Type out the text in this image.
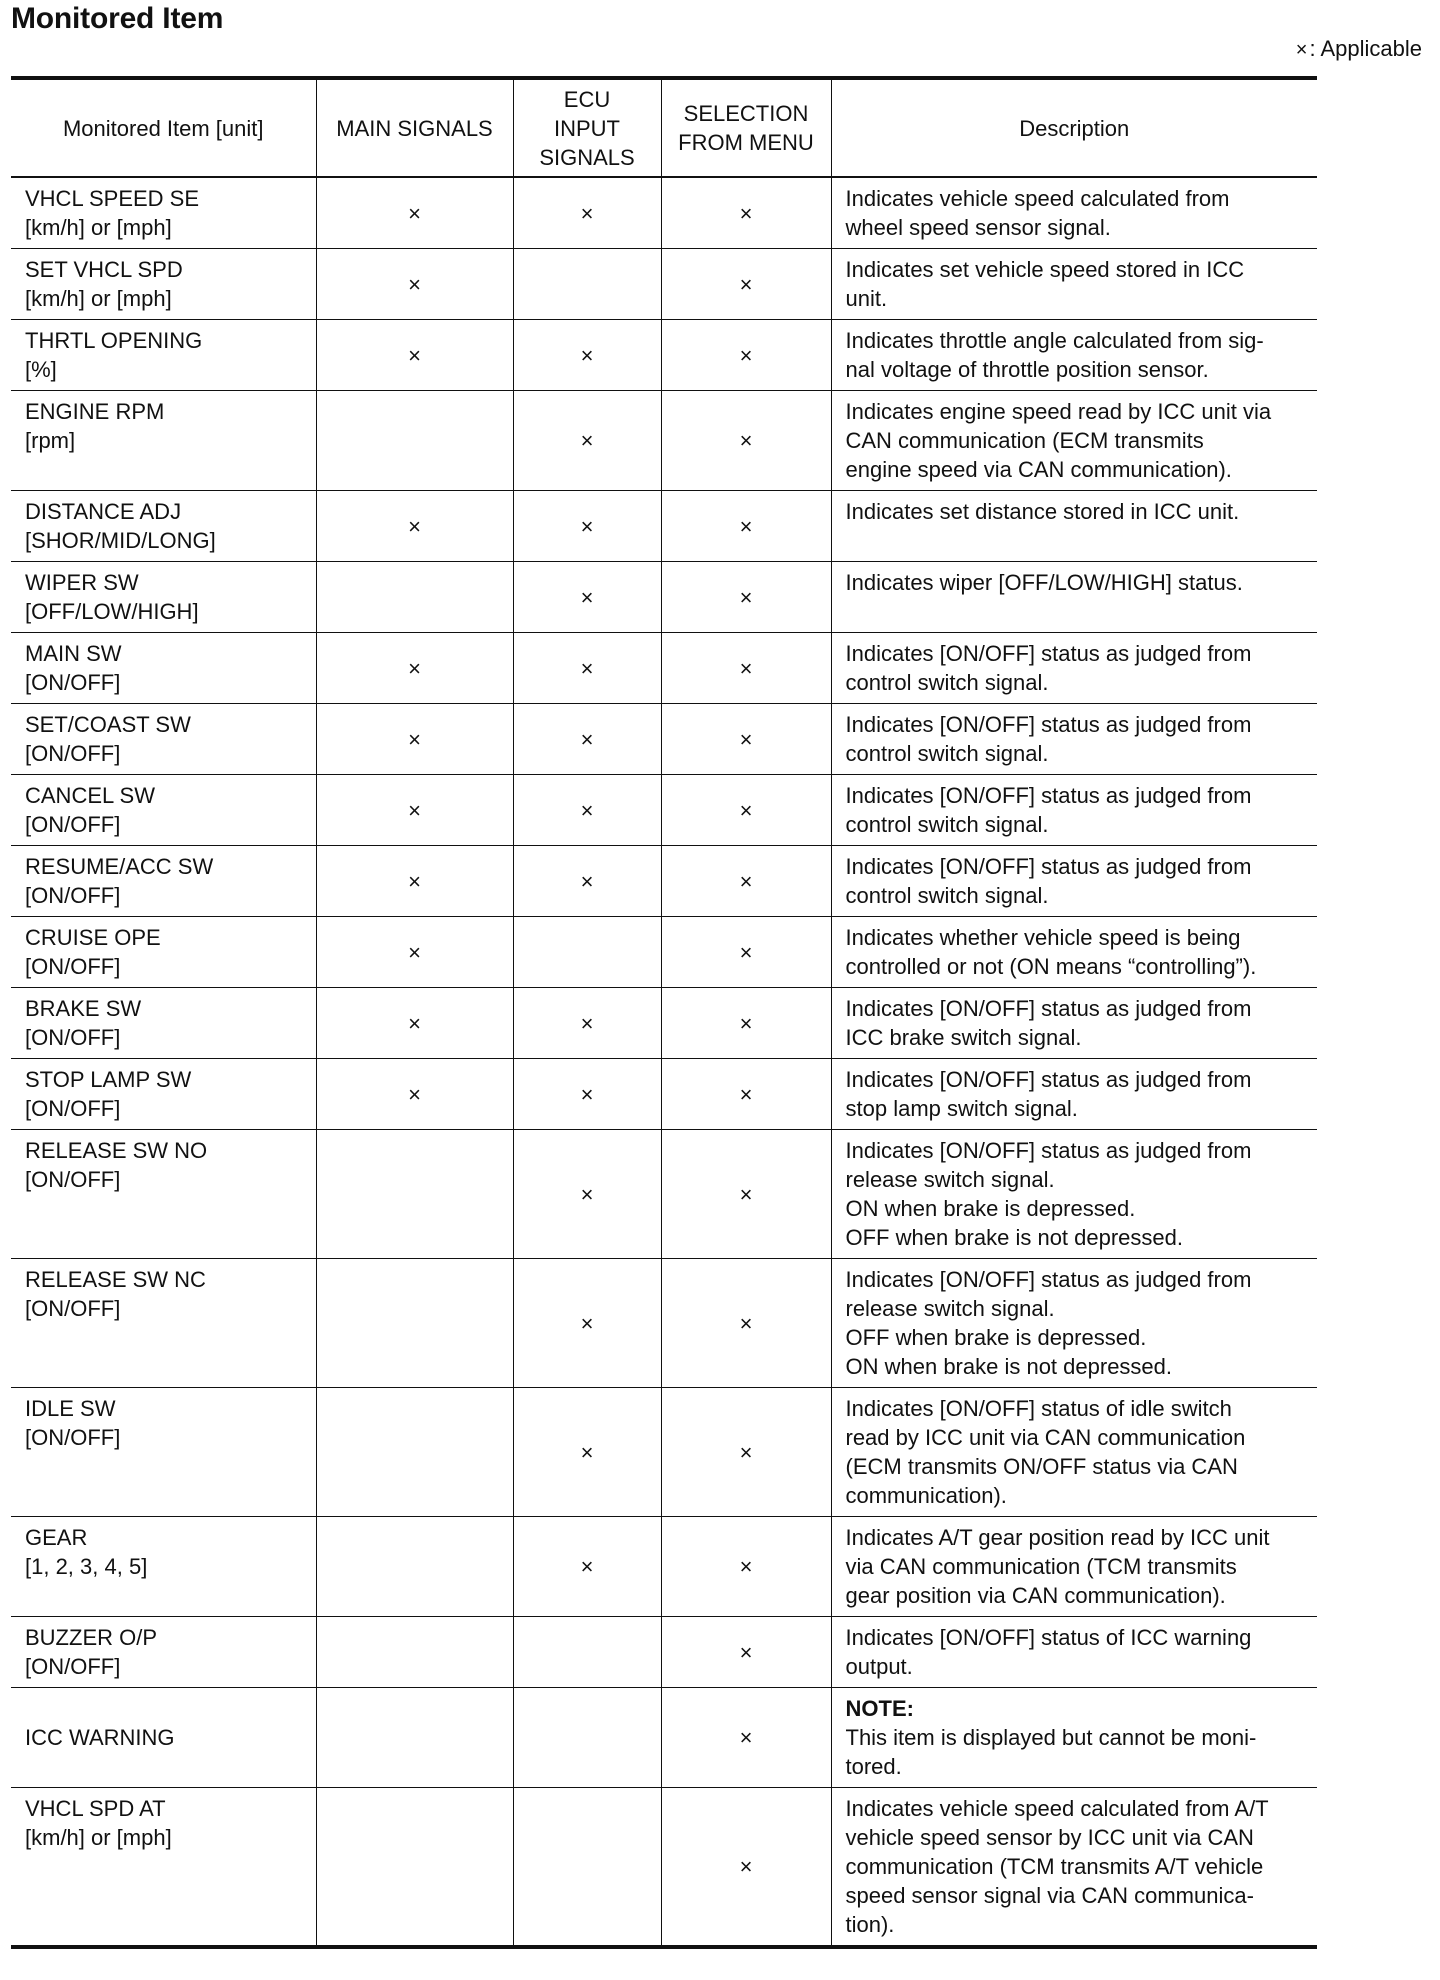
Monitored Item
×: Applicable
Monitored Item [unit]	MAIN SIGNALS	ECU
INPUT
SIGNALS	SELECTION
FROM MENU	Description

VHCL SPEED SE
[km/h] or [mph]	×	×	×	Indicates vehicle speed calculated from
wheel speed sensor signal.

SET VHCL SPD
[km/h] or [mph]	×		×	Indicates set vehicle speed stored in ICC
unit.

THRTL OPENING
[%]	×	×	×	Indicates throttle angle calculated from sig-
nal voltage of throttle position sensor.

ENGINE RPM
[rpm]		×	×	Indicates engine speed read by ICC unit via
CAN communication (ECM transmits
engine speed via CAN communication).

DISTANCE ADJ
[SHOR/MID/LONG]	×	×	×	Indicates set distance stored in ICC unit.

WIPER SW
[OFF/LOW/HIGH]		×	×	Indicates wiper [OFF/LOW/HIGH] status.

MAIN SW
[ON/OFF]	×	×	×	Indicates [ON/OFF] status as judged from
control switch signal.

SET/COAST SW
[ON/OFF]	×	×	×	Indicates [ON/OFF] status as judged from
control switch signal.

CANCEL SW
[ON/OFF]	×	×	×	Indicates [ON/OFF] status as judged from
control switch signal.

RESUME/ACC SW
[ON/OFF]	×	×	×	Indicates [ON/OFF] status as judged from
control switch signal.

CRUISE OPE
[ON/OFF]	×		×	Indicates whether vehicle speed is being
controlled or not (ON means “controlling”).

BRAKE SW
[ON/OFF]	×	×	×	Indicates [ON/OFF] status as judged from
ICC brake switch signal.

STOP LAMP SW
[ON/OFF]	×	×	×	Indicates [ON/OFF] status as judged from
stop lamp switch signal.

RELEASE SW NO
[ON/OFF]		×	×	Indicates [ON/OFF] status as judged from
release switch signal.
ON when brake is depressed.
OFF when brake is not depressed.

RELEASE SW NC
[ON/OFF]		×	×	Indicates [ON/OFF] status as judged from
release switch signal.
OFF when brake is depressed.
ON when brake is not depressed.

IDLE SW
[ON/OFF]		×	×	Indicates [ON/OFF] status of idle switch
read by ICC unit via CAN communication
(ECM transmits ON/OFF status via CAN
communication).

GEAR
[1, 2, 3, 4, 5]		×	×	Indicates A/T gear position read by ICC unit
via CAN communication (TCM transmits
gear position via CAN communication).

BUZZER O/P
[ON/OFF]			×	Indicates [ON/OFF] status of ICC warning
output.

ICC WARNING			×	NOTE:
This item is displayed but cannot be moni-
tored.

VHCL SPD AT
[km/h] or [mph]			×	Indicates vehicle speed calculated from A/T
vehicle speed sensor by ICC unit via CAN
communication (TCM transmits A/T vehicle
speed sensor signal via CAN communica-
tion).
